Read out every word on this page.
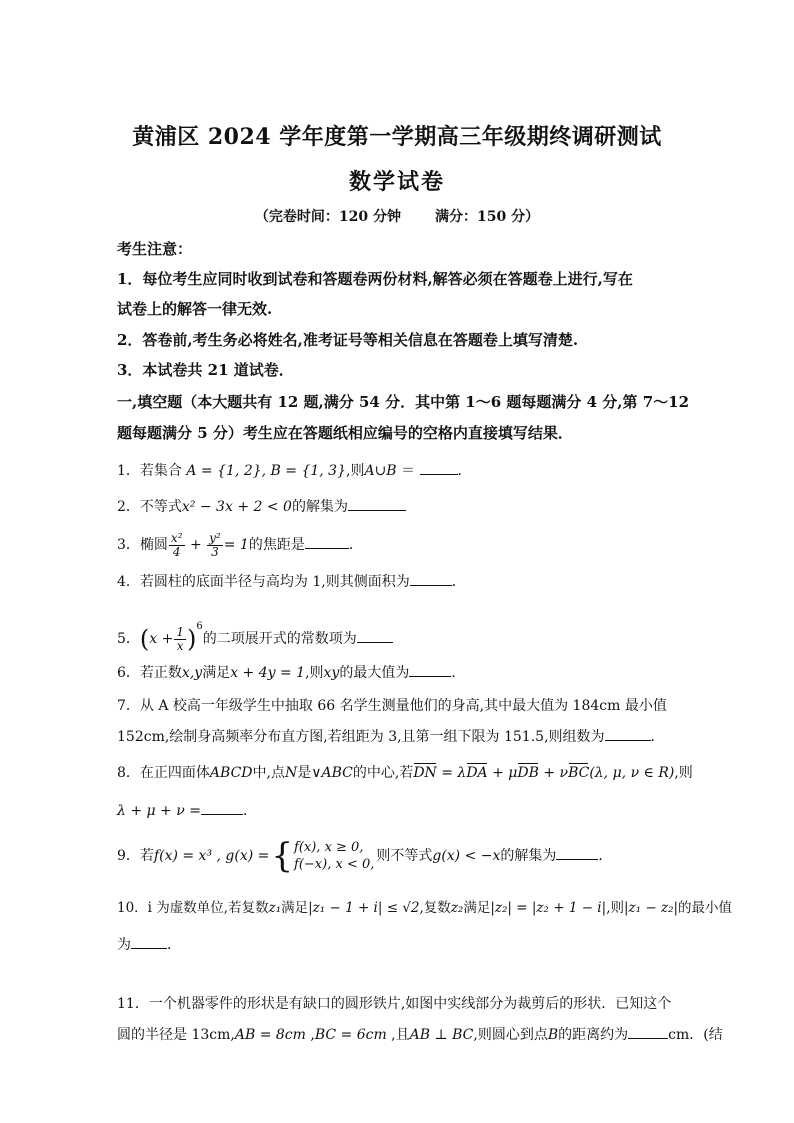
黄浦区 2024 学年度第一学期高三年级期终调研测试
数学试卷
（完卷时间：120 分钟 满分：150 分）
考生注意：
1．每位考生应同时收到试卷和答题卷两份材料,解答必须在答题卷上进行,写在
试卷上的解答一律无效.
2．答卷前,考生务必将姓名,准考证号等相关信息在答题卷上填写清楚.
3．本试卷共 21 道试卷．
一,填空题（本大题共有 12 题,满分 54 分．其中第 1～6 题每题满分 4 分,第 7～12
题每题满分 5 分）考生应在答题纸相应编号的空格内直接填写结果．
1．若集合 A = {1, 2}, B = {1, 3},则A∪B ＝	．
2．不等式x² − 3x + 2 < 0的解集为
3．椭圆 $\frac{\text{x²}}{4} + \frac{\text{y²}}{3} = 1$的焦距是	.
4．若圆柱的底面半径与高均为 1,则其侧面积为	．
5．$(x + \frac{1}{x} )^6$的二项展开式的常数项为
6．若正数x,y满足x + 4y = 1,则xy的最大值为	．
7．从 A 校高一年级学生中抽取 66 名学生测量他们的身高,其中最大值为 184cm 最小值
152cm,绘制身高频率分布直方图,若组距为 3,且第一组下限为 151.5,则组数为	．
8．在正四面体ABCD中,点N是∨ABC的中心,若DN = λDA + μDB + νBC(λ, μ, ν ∈ R),则
λ + μ + ν =	．
9．若f(x) = x³ , g(x) = { f(x), x ≥ 0,
f(−x), x < 0,
则不等式g(x) < −x的解集为	．
10．i 为虚数单位,若复数z₁满足|z₁ − 1 + i| ≤ √2,复数z₂满足|z₂| = |z₂ + 1 − i|,则|z₁ − z₂|的最小值
为	．
11．一个机器零件的形状是有缺口的圆形铁片,如图中实线部分为裁剪后的形状．已知这个
圆的半径是 13cm,AB = 8cm ,BC = 6cm ,且AB ⊥ BC,则圆心到点B的距离约为	cm．(结
